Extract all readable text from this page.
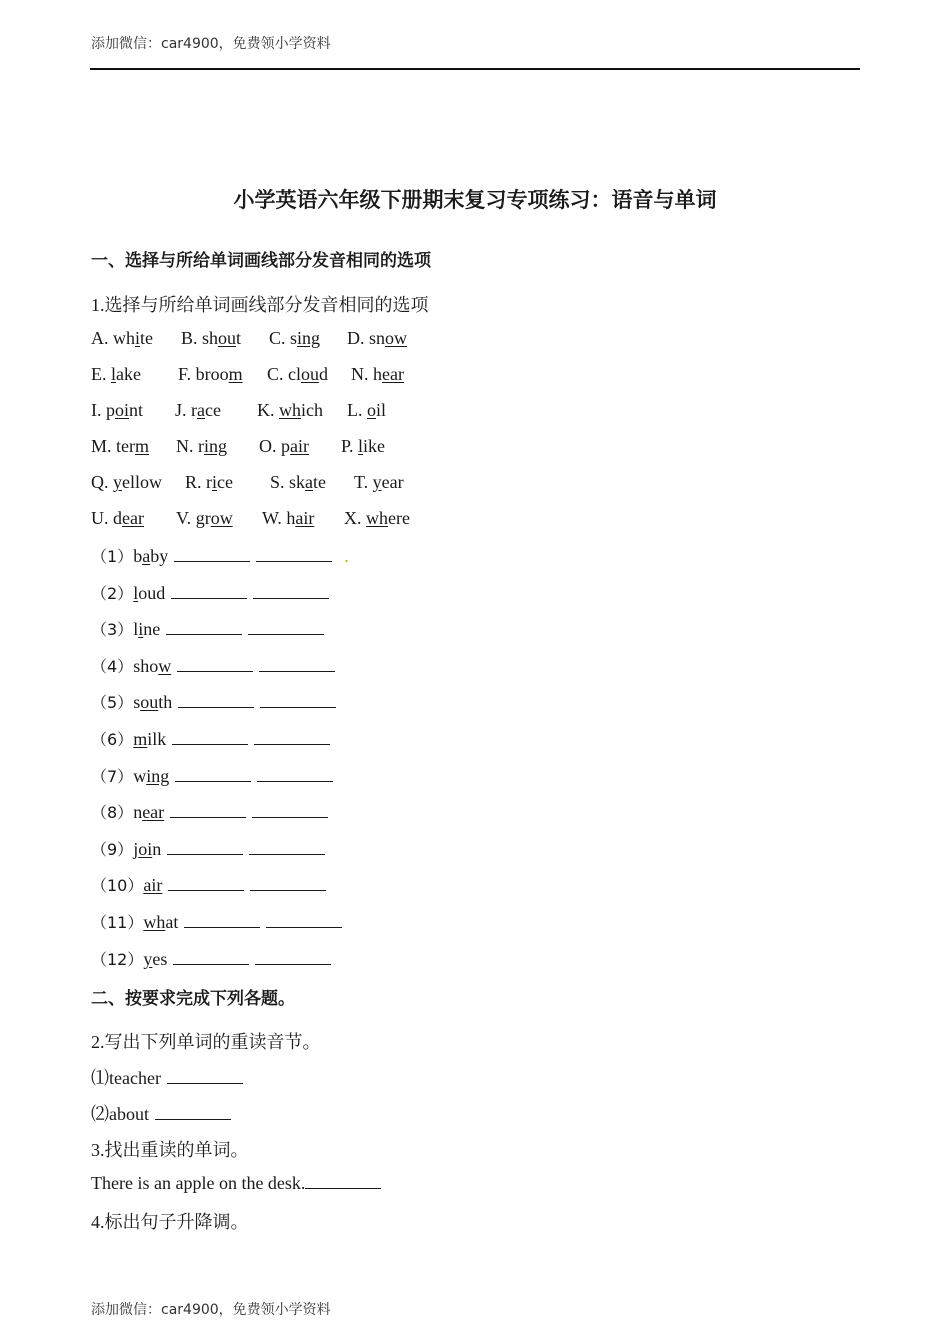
添加微信：car4900，免费领小学资料
小学英语六年级下册期末复习专项练习：语音与单词
一、选择与所给单词画线部分发音相同的选项
1.选择与所给单词画线部分发音相同的选项
A. white B. shout C. sing D. snow
E. lake F. broom C. cloud N. hear
I. point J. race K. which L. oil
M. term N. ring O. pair P. like
Q. yellow R. rice S. skate T. year
U. dear V. grow W. hair X. where
（1）baby	.
（2）loud
（3）line
（4）show
（5）south
（6）milk
（7）wing
（8）near
（9）join
（10）air
（11）what
（12）yes
二、按要求完成下列各题。
2.写出下列单词的重读音节。
⑴teacher
⑵about
3.找出重读的单词。
There is an apple on the desk.
4.标出句子升降调。
添加微信：car4900，免费领小学资料
